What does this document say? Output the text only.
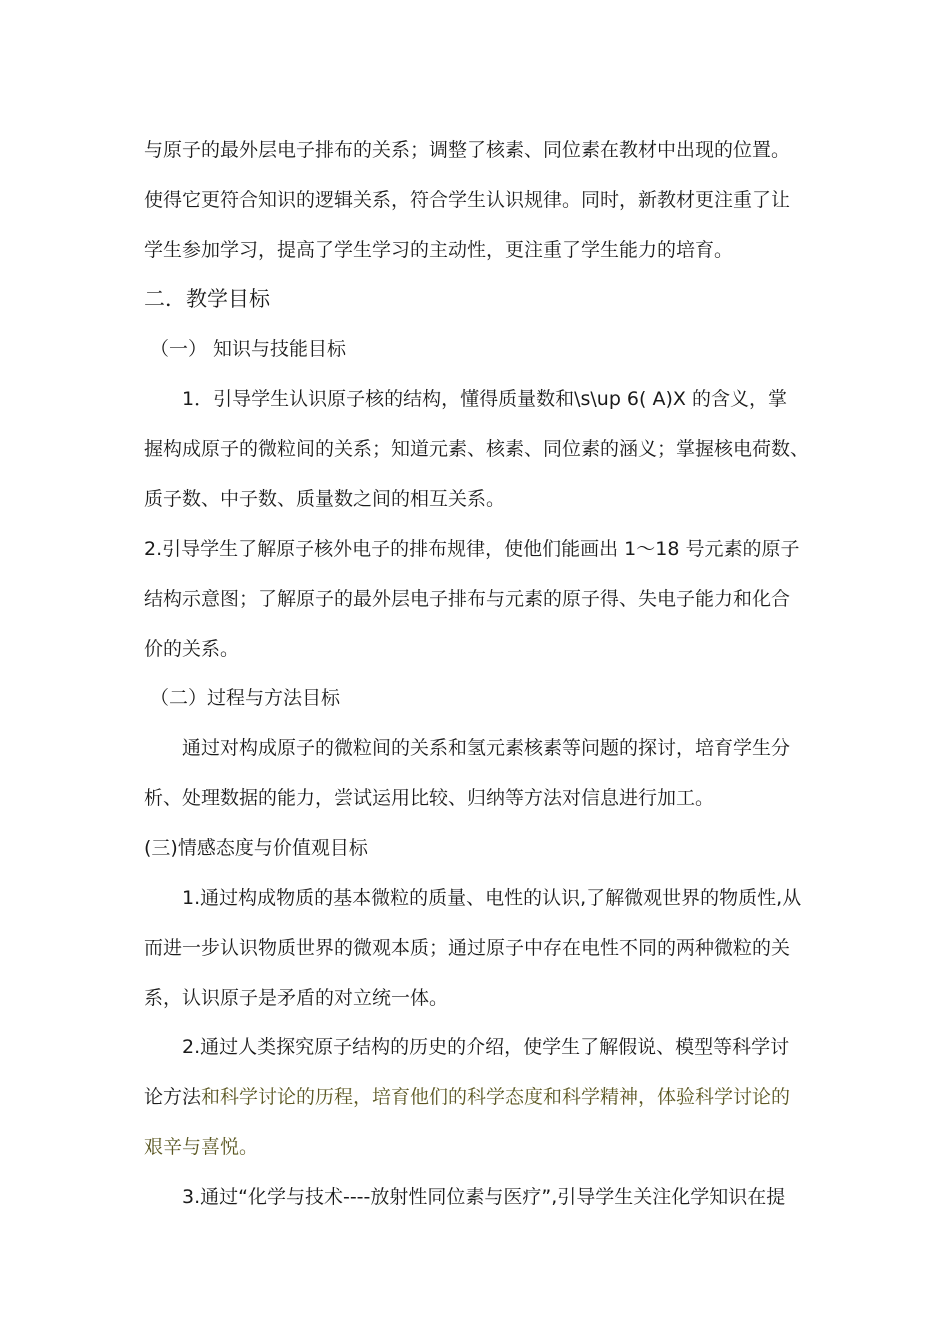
与原子的最外层电子排布的关系；调整了核素、同位素在教材中出现的位置。
使得它更符合知识的逻辑关系，符合学生认识规律。同时，新教材更注重了让
学生参加学习，提高了学生学习的主动性，更注重了学生能力的培育。
二．教学目标
（一） 知识与技能目标
1．引导学生认识原子核的结构，懂得质量数和\s\up 6( A)X 的含义，掌
握构成原子的微粒间的关系；知道元素、核素、同位素的涵义；掌握核电荷数、
质子数、中子数、质量数之间的相互关系。
2.引导学生了解原子核外电子的排布规律，使他们能画出 1～18 号元素的原子
结构示意图；了解原子的最外层电子排布与元素的原子得、失电子能力和化合
价的关系。
（二）过程与方法目标
通过对构成原子的微粒间的关系和氢元素核素等问题的探讨，培育学生分
析、处理数据的能力，尝试运用比较、归纳等方法对信息进行加工。
(三)情感态度与价值观目标
1.通过构成物质的基本微粒的质量、电性的认识,了解微观世界的物质性,从
而进一步认识物质世界的微观本质；通过原子中存在电性不同的两种微粒的关
系，认识原子是矛盾的对立统一体。
2.通过人类探究原子结构的历史的介绍，使学生了解假说、模型等科学讨
论方法和科学讨论的历程，培育他们的科学态度和科学精神，体验科学讨论的
艰辛与喜悦。
3.通过“化学与技术----放射性同位素与医疗”,引导学生关注化学知识在提
